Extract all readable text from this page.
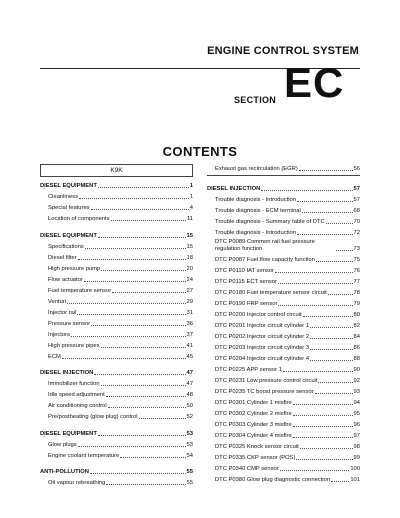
ENGINE CONTROL SYSTEM
SECTION EC
CONTENTS
K9K
DIESEL EQUIPMENT	1
Cleanliness	1
Special features	4
Location of components	11
DIESEL EQUIPMENT	15
Specifications	15
Diesel filter	18
High pressure pump	20
Flow actuator	24
Fuel temperature sensor	27
Venturi	29
Injector rail	31
Pressure sensor	36
Injectors	37
High pressure pipes	41
ECM	45
DIESEL INJECTION	47
Immobilizer function	47
Idle speed adjustment	48
Air conditioning control	50
Pre/postheating (glow plug) control	52
DIESEL EQUIPMENT	53
Glow plugs	53
Engine coolant temperature	54
ANTI-POLLUTION	55
Oil vapour rebreathing	55
Exhaust gas recirculation (EGR)	56
DIESEL INJECTION	57
Trouble diagnosis - Introduction	57
Trouble diagnosis - ECM terminal	68
Trouble diagnosis - Summary table of DTC	70
Trouble diagnosis - Introduction	72
DTC P0089 Common rail fuel pressure regulation function	73
DTC P0087 Fuel flow capacity function	75
DTC P0110 IAT sensor	76
DTC P0115 ECT sensor	77
DTC P0180 Fuel temperature sensor circuit	78
DTC P0190 FRP sensor	79
DTC P0200 Injector control circuit	80
DTC P0201 Injector circuit cylinder 1	82
DTC P0202 Injector circuit cylinder 2	84
DTC P0203 Injector circuit cylinder 3	86
DTC P0204 Injector circuit cylinder 4	88
DTC P0225 APP sensor 1	90
DTC P0231 Low pressure control circuit	92
DTC P0235 TC boost pressure sensor	93
DTC P0301 Cylinder 1 misfire	94
DTC P0302 Cylinder 2 misfire	95
DTC P0303 Cylinder 3 misfire	96
DTC P0304 Cylinder 4 misfire	97
DTC P0325 Knock sensor circuit	98
DTC P0335 CKP sensor (POS)	99
DTC P0340 CMP sensor	100
DTC P0380 Glow plug diagnostic connection	101
